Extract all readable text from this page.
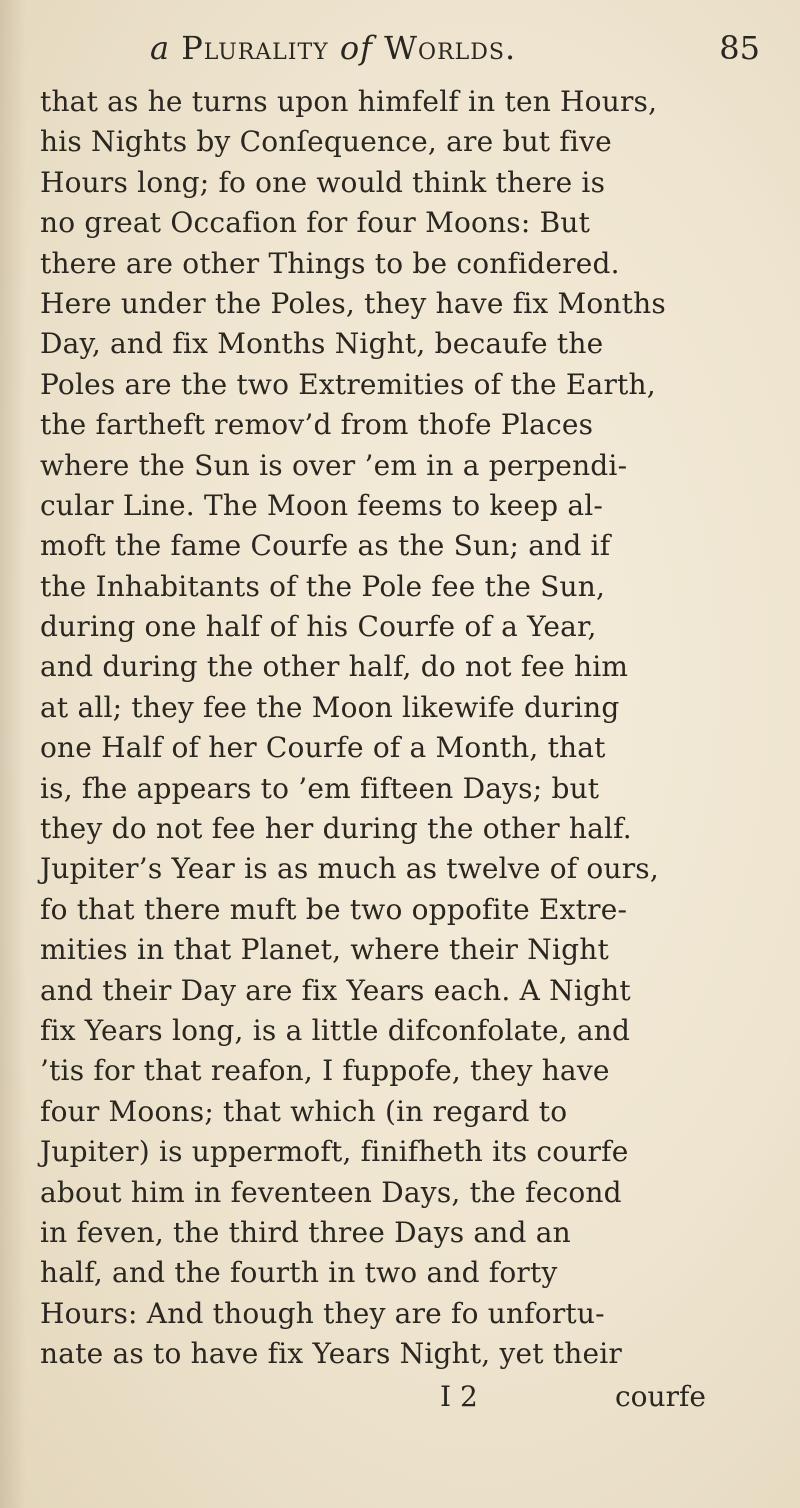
a Plurality of Worlds.	85
that as he turns upon himfelf in ten Hours,
his Nights by Conſequence, are but five
Hours long; fo one would think there is
no great Occafion for four Moons: But
there are other Things to be confidered.
Here under the Poles, they have fix Months
Day, and fix Months Night, becaufe the
Poles are the two Extremities of the Earth,
the fartheft remov’d from thofe Places
where the Sun is over ’em in a perpendi-
cular Line. The Moon feems to keep al-
moft the fame Courfe as the Sun; and if
the Inhabitants of the Pole fee the Sun,
during one half of his Courfe of a Year,
and during the other half, do not fee him
at all; they fee the Moon likewife during
one Half of her Courfe of a Month, that
is, fhe appears to ’em fifteen Days; but
they do not fee her during the other half.
Jupiter’s Year is as much as twelve of ours,
fo that there muft be two oppofite Extre-
mities in that Planet, where their Night
and their Day are fix Years each. A Night
fix Years long, is a little difconfolate, and
’tis for that reafon, I fuppofe, they have
four Moons; that which (in regard to
Jupiter) is uppermoft, finifheth its courfe
about him in feventeen Days, the fecond
in feven, the third three Days and an
half, and the fourth in two and forty
Hours: And though they are fo unfortu-
nate as to have fix Years Night, yet their
I 2	courfe
